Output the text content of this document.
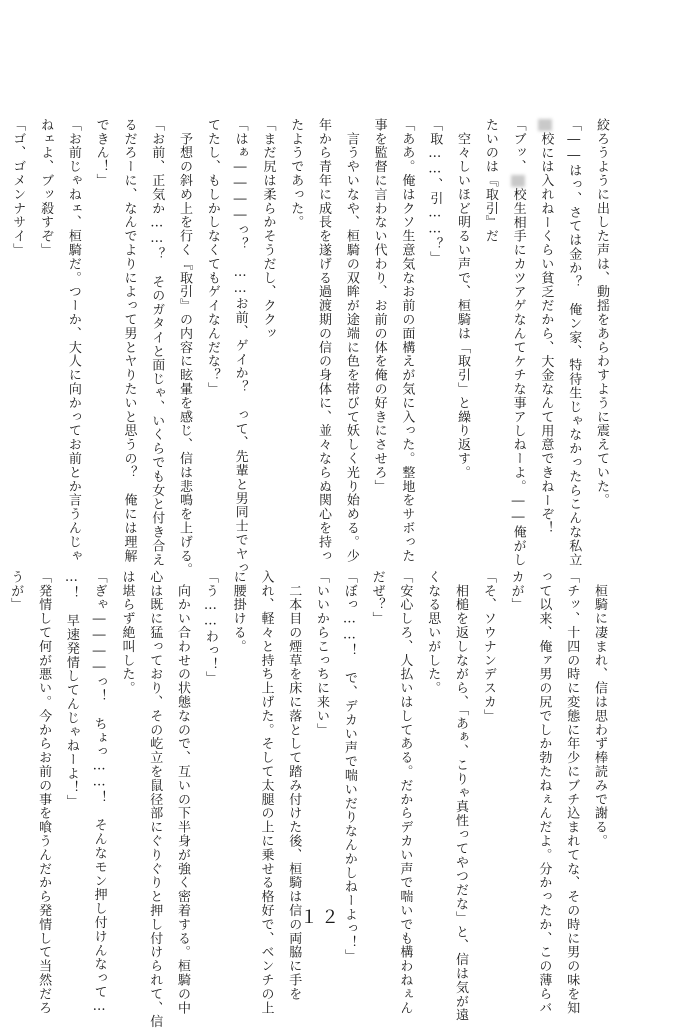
絞ろうように出した声は、動揺をあらわすように震えていた。
「――はっ、さては金か？　俺ン家、特待生じゃなかったらこんな私立
校には入れねーくらい貧乏だから、大金なんて用意できねーぞ！
「ブッ、校生相手にカツアゲなんてケチな事アしねーよ。――俺がし
たいのは『取引』だ
　空々しいほど明るい声で、桓騎は「取引」と繰り返す。
「取……、引……？」
「ああ。俺はクソ生意気なお前の面構えが気に入った。整地をサボった
事を監督に言わない代わり、お前の体を俺の好きにさせろ」
　言うやいなや、桓騎の双眸が途端に色を帯びて妖しく光り始める。少
年から青年に成長を遂げる過渡期の信の身体に、並々ならぬ関心を持っ
たようであった。
「まだ尻は柔らかそうだし、ククッ
「はぁ――――っ？　……お前、ゲイか？　って、先輩と男同士でヤっ
てたし、もしかしなくてもゲイなんだな？」
　予想の斜め上を行く『取引』の内容に眩暈を感じ、信は悲鳴を上げる。
「お前、正気か……？　そのガタイと面じゃ、いくらでも女と付き合え
るだろーに、なんでよりによって男とヤりたいと思うの？　俺には理解
できん！」
「お前じゃねェ、桓騎だ。つーか、大人に向かってお前とか言うんじゃ
ねェよ、ブッ殺すぞ」
「ゴ、ゴメンナサイ」
　桓騎に凄まれ、信は思わず棒読みで謝る。
「チッ、十四の時に変態に年少にブチ込まれてな、その時に男の味を知
って以来、俺ァ男の尻でしか勃たねぇんだよ。分かったか、この薄らバ
カが」
「そ、ソウナンデスカ」
　相槌を返しながら、「あぁ、こりゃ真性ってやつだな」と、信は気が遠
くなる思いがした。
「安心しろ、人払いはしてある。だからデカい声で喘いでも構わねぇん
だぜ？」
「ぼっ……！　で、デカい声で喘いだりなんかしねーよっ！」
「いいからこっちに来い」
　二本目の煙草を床に落として踏み付けた後、桓騎は信の両脇に手を
入れ、軽々と持ち上げた。そして太腿の上に乗せる格好で、ベンチの上
に腰掛ける。
「う……わっ！」
　向かい合わせの状態なので、互いの下半身が強く密着する。桓騎の中
心は既に猛っており、その屹立を鼠径部にぐりぐりと押し付けられて、信
は堪らず絶叫した。
「ぎゃ――――っ！　ちょっ……！　そんなモン押し付けんなって…
…！　早速発情してんじゃねーよ！」
「発情して何が悪い。今からお前の事を喰うんだから発情して当然だろ
うが」
１２
